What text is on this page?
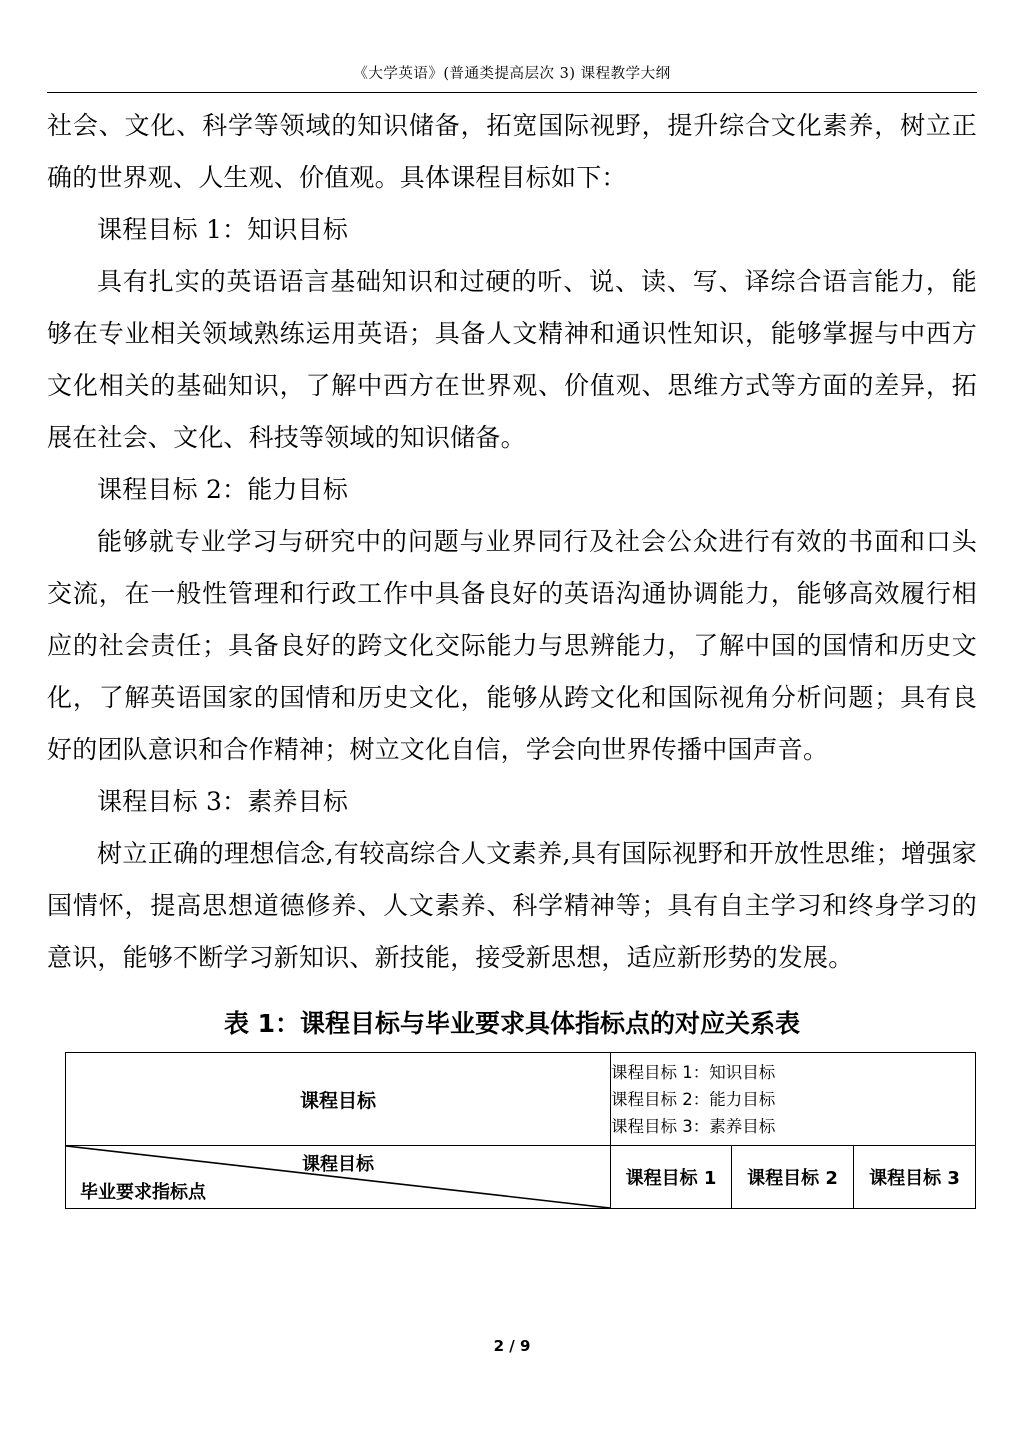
《大学英语》(普通类提高层次 3) 课程教学大纲

社会、文化、科学等领域的知识储备，拓宽国际视野，提升综合文化素养，树立正确的世界观、人生观、价值观。具体课程目标如下：

课程目标 1：知识目标

具有扎实的英语语言基础知识和过硬的听、说、读、写、译综合语言能力，能够在专业相关领域熟练运用英语；具备人文精神和通识性知识，能够掌握与中西方文化相关的基础知识，了解中西方在世界观、价值观、思维方式等方面的差异，拓展在社会、文化、科技等领域的知识储备。

课程目标 2：能力目标

能够就专业学习与研究中的问题与业界同行及社会公众进行有效的书面和口头交流，在一般性管理和行政工作中具备良好的英语沟通协调能力，能够高效履行相应的社会责任；具备良好的跨文化交际能力与思辨能力，了解中国的国情和历史文化，了解英语国家的国情和历史文化，能够从跨文化和国际视角分析问题；具有良好的团队意识和合作精神；树立文化自信，学会向世界传播中国声音。

课程目标 3：素养目标

树立正确的理想信念,有较高综合人文素养,具有国际视野和开放性思维；增强家国情怀，提高思想道德修养、人文素养、科学精神等；具有自主学习和终身学习的意识，能够不断学习新知识、新技能，接受新思想，适应新形势的发展。

表 1：课程目标与毕业要求具体指标点的对应关系表
课程目标	课程目标 1：知识目标
课程目标 2：能力目标
课程目标 3：素养目标		

课程目标
毕业要求指标点	课程目标 1	课程目标 2	课程目标 3
2 / 9
